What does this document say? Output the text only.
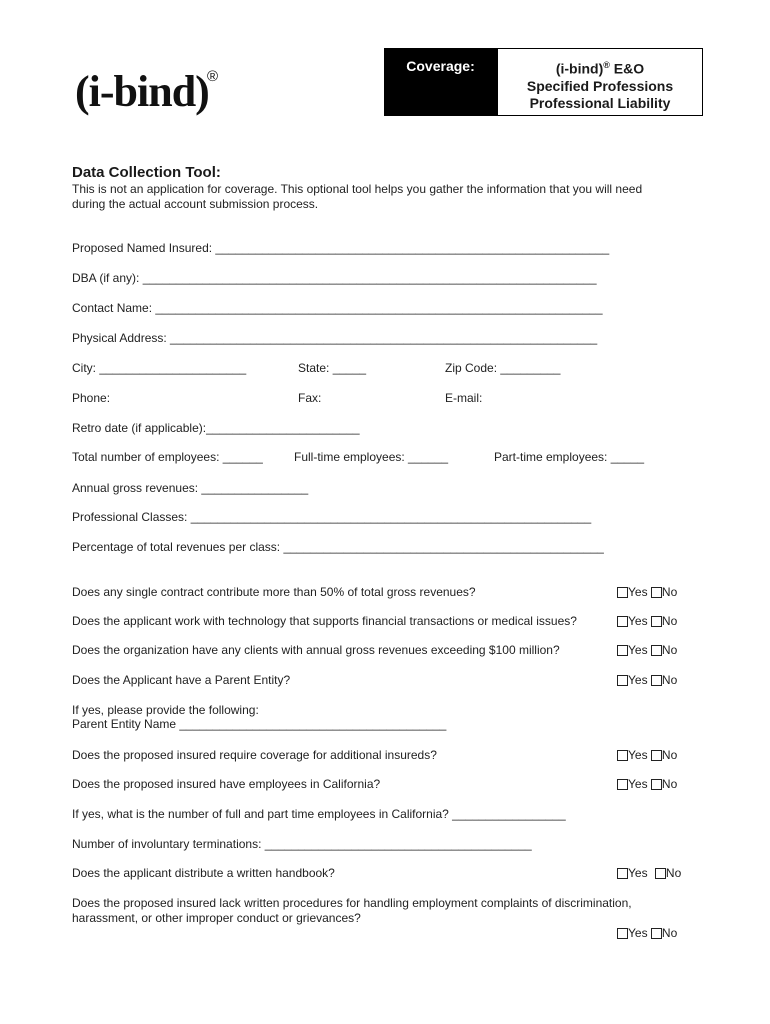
(i-bind)
®
Coverage:	(i-bind)® E&O
Specified Professions
Professional Liability
Data Collection Tool:
This is not an application for coverage. This optional tool helps you gather the information that you will need
during the actual account submission process.
Proposed Named Insured: ___________________________________________________________
DBA (if any): ____________________________________________________________________
Contact Name: ___________________________________________________________________
Physical Address: ________________________________________________________________
City: ______________________	State: _____	Zip Code: _________
Phone:	Fax:	E-mail:
Retro date (if applicable):_______________________
Total number of employees: ______	Full-time employees: ______	Part-time employees: _____
Annual gross revenues: ________________
Professional Classes: ____________________________________________________________
Percentage of total revenues per class: ________________________________________________
Does any single contract contribute more than 50% of total gross revenues?	Yes No
Does the applicant work with technology that supports financial transactions or medical issues?	Yes No
Does the organization have any clients with annual gross revenues exceeding $100 million?	Yes No
Does the Applicant have a Parent Entity?	Yes No
If yes, please provide the following:
Parent Entity Name ________________________________________
Does the proposed insured require coverage for additional insureds?	Yes No
Does the proposed insured have employees in California?	Yes No
If yes, what is the number of full and part time employees in California? _________________
Number of involuntary terminations: ________________________________________
Does the applicant distribute a written handbook?	Yes No
Does the proposed insured lack written procedures for handling employment complaints of discrimination,
harassment, or other improper conduct or grievances?
Yes No
